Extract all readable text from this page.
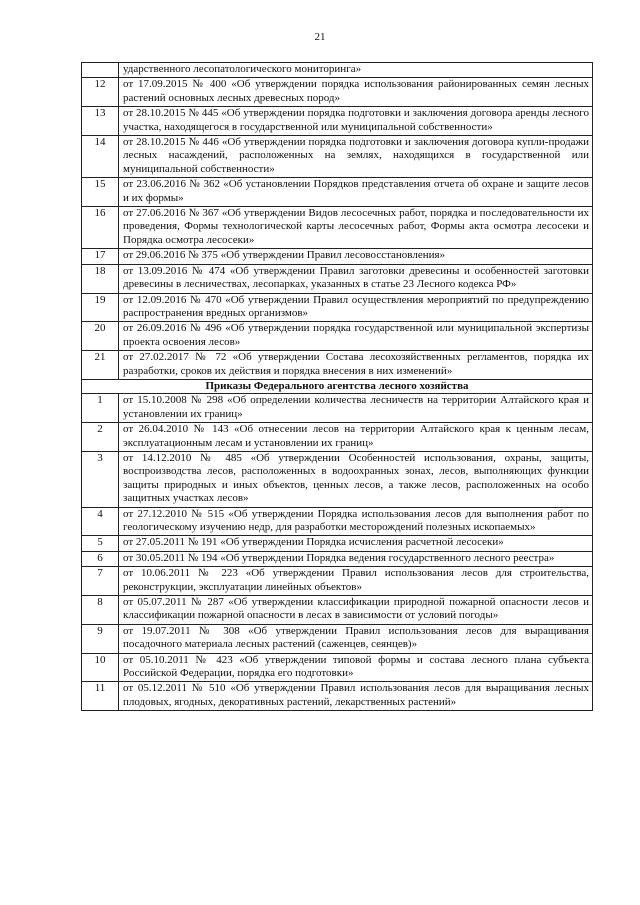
21
	ударственного лесопатологического мониторинга»
12	от 17.09.2015 № 400 «Об утверждении порядка использования районированных семян лесных растений основных лесных древесных пород»
13	от 28.10.2015 № 445 «Об утверждении порядка подготовки и заключения договора аренды лесного участка, находящегося в государственной или муниципальной собственности»
14	от 28.10.2015 № 446 «Об утверждении порядка подготовки и заключения договора купли-продажи лесных насаждений, расположенных на землях, находящихся в государственной или муниципальной собственности»
15	от 23.06.2016 № 362 «Об установлении Порядков представления отчета об охране и защите лесов и их формы»
16	от 27.06.2016 № 367 «Об утверждении Видов лесосечных работ, порядка и последовательности их проведения, Формы технологической карты лесосечных работ, Формы акта осмотра лесосеки и Порядка осмотра лесосеки»
17	от 29.06.2016 № 375 «Об утверждении Правил лесовосстановления»
18	от 13.09.2016 № 474 «Об утверждении Правил заготовки древесины и особенностей заготовки древесины в лесничествах, лесопарках, указанных в статье 23 Лесного кодекса РФ»
19	от 12.09.2016 № 470 «Об утверждении Правил осуществления мероприятий по предупреждению распространения вредных организмов»
20	от 26.09.2016 № 496 «Об утверждении порядка государственной или муниципальной экспертизы проекта освоения лесов»
21	от 27.02.2017 № 72 «Об утверждении Состава лесохозяйственных регламентов, порядка их разработки, сроков их действия и порядка внесения в них изменений»
Приказы Федерального агентства лесного хозяйства	
1	от 15.10.2008 № 298 «Об определении количества лесничеств на территории Алтайского края и установлении их границ»
2	от 26.04.2010 № 143 «Об отнесении лесов на территории Алтайского края к ценным лесам, эксплуатационным лесам и установлении их границ»
3	от 14.12.2010 № 485 «Об утверждении Особенностей использования, охраны, защиты, воспроизводства лесов, расположенных в водоохранных зонах, лесов, выполняющих функции защиты природных и иных объектов, ценных лесов, а также лесов, расположенных на особо защитных участках лесов»
4	от 27.12.2010 № 515 «Об утверждении Порядка использования лесов для выполнения работ по геологическому изучению недр, для разработки месторождений полезных ископаемых»
5	от 27.05.2011 № 191 «Об утверждении Порядка исчисления расчетной лесосеки»
6	от 30.05.2011 № 194 «Об утверждении Порядка ведения государственного лесного реестра»
7	от 10.06.2011 № 223 «Об утверждении Правил использования лесов для строительства, реконструкции, эксплуатации линейных объектов»
8	от 05.07.2011 № 287 «Об утверждении классификации природной пожарной опасности лесов и классификации пожарной опасности в лесах в зависимости от условий погоды»
9	от 19.07.2011 № 308 «Об утверждении Правил использования лесов для выращивания посадочного материала лесных растений (саженцев, сеянцев)»
10	от 05.10.2011 № 423 «Об утверждении типовой формы и состава лесного плана субъекта Российской Федерации, порядка его подготовки»
11	от 05.12.2011 № 510 «Об утверждении Правил использования лесов для выращивания лесных плодовых, ягодных, декоративных растений, лекарственных растений»
